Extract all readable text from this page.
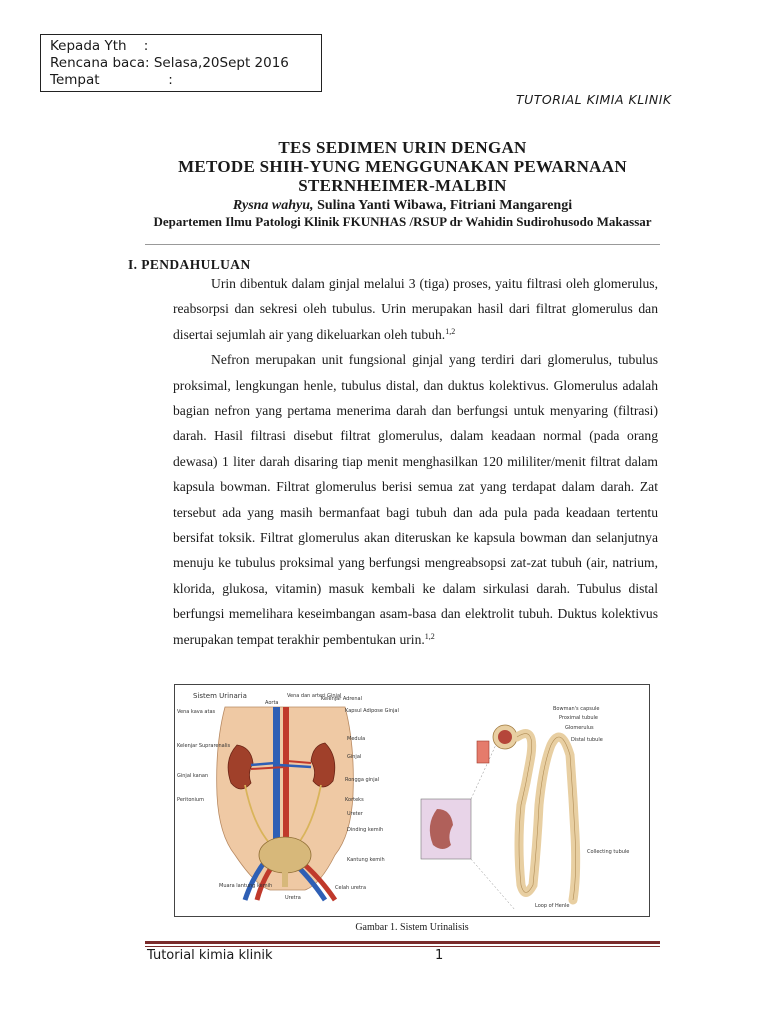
Kepada Yth    :
Rencana baca: Selasa,20Sept 2016
Tempat                :
TUTORIAL KIMIA KLINIK
TES SEDIMEN URIN DENGAN
METODE SHIH-YUNG MENGGUNAKAN PEWARNAAN
STERNHEIMER-MALBIN
Rysna wahyu, Sulina Yanti Wibawa, Fitriani Mangarengi
Departemen Ilmu Patologi Klinik FKUNHAS /RSUP dr Wahidin Sudirohusodo Makassar
I. PENDAHULUAN

Urin dibentuk dalam ginjal melalui 3 (tiga) proses, yaitu filtrasi oleh glomerulus, reabsorpsi dan sekresi oleh tubulus. Urin merupakan hasil dari filtrat glomerulus dan disertai sejumlah air yang dikeluarkan oleh tubuh.$^{1,2}$

Nefron merupakan unit fungsional ginjal yang terdiri dari glomerulus, tubulus proksimal, lengkungan henle, tubulus distal, dan duktus kolektivus. Glomerulus adalah bagian nefron yang pertama menerima darah dan berfungsi untuk menyaring (filtrasi) darah. Hasil filtrasi disebut filtrat glomerulus, dalam keadaan normal (pada orang dewasa) 1 liter darah disaring tiap menit menghasilkan 120 mililiter/menit filtrat dalam kapsula bowman. Filtrat glomerulus berisi semua zat yang terdapat dalam darah. Zat tersebut ada yang masih bermanfaat bagi tubuh dan ada pula pada keadaan tertentu bersifat toksik. Filtrat glomerulus akan diteruskan ke kapsula bowman dan selanjutnya menuju ke tubulus proksimal yang berfungsi mengreabsopsi zat-zat tubuh (air, natrium, klorida, glukosa, vitamin) masuk kembali ke dalam sirkulasi darah. Tubulus distal berfungsi memelihara keseimbangan asam-basa dan elektrolit tubuh. Duktus kolektivus merupakan tempat terakhir pembentukan urin.$^{1,2}$

Sistem Urinaria
Vena kava atas
Aorta
Vena dan arteri Ginjal
Kelenjar Adrenal
Kapsul Adipose Ginjal
Medula
Ginjal
Kelenjar Suprarenalis
Ginjal kanan
Rongga ginjal
Peritonium	Korteks
Ureter
Dinding kemih
Kantung kemih
Muara lantung kemih
Uretra
Celah uretra
Bowman's capsule
Proximal tubule
Glomerulus
Distal tubule
Collecting tubule
Loop of Henle
Gambar 1. Sistem Urinalisis
Tutorial kimia klinik	1
